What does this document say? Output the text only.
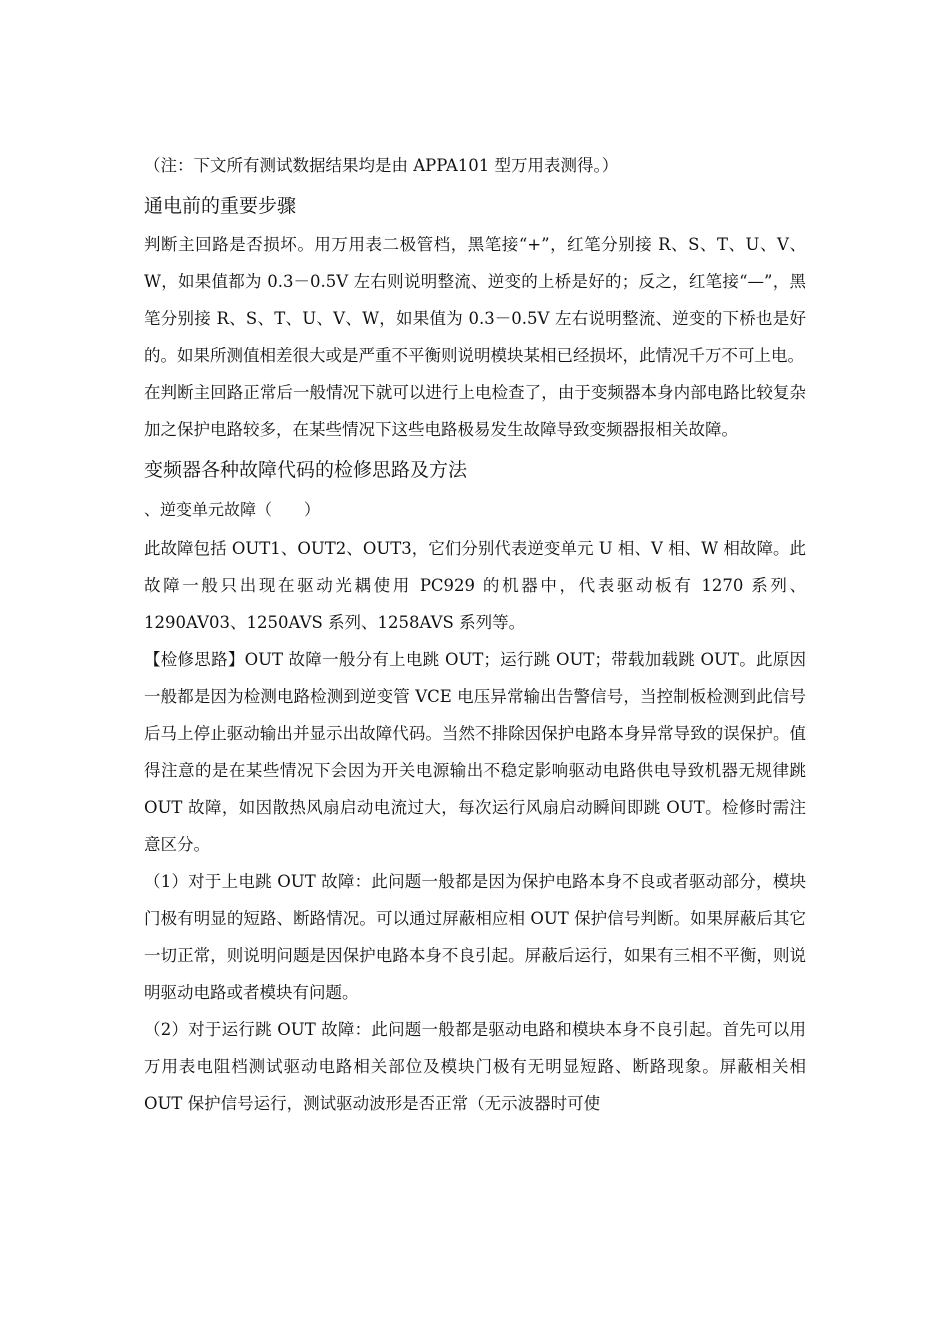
（注：下文所有测试数据结果均是由 APPA101 型万用表测得。）
通电前的重要步骤

判断主回路是否损坏。用万用表二极管档，黑笔接“+”，红笔分别接 R、S、T、U、V、W，如果值都为 0.3－0.5V 左右则说明整流、逆变的上桥是好的；反之，红笔接“—”，黑笔分别接 R、S、T、U、V、W，如果值为 0.3－0.5V 左右说明整流、逆变的下桥也是好的。如果所测值相差很大或是严重不平衡则说明模块某相已经损坏，此情况千万不可上电。

在判断主回路正常后一般情况下就可以进行上电检查了，由于变频器本身内部电路比较复杂加之保护电路较多，在某些情况下这些电路极易发生故障导致变频器报相关故障。

变频器各种故障代码的检修思路及方法
、逆变单元故障（　　）

此故障包括 OUT1、OUT2、OUT3，它们分别代表逆变单元 U 相、V 相、W 相故障。此故障一般只出现在驱动光耦使用 PC929 的机器中，代表驱动板有 1270 系列、1290AV03、1250AVS 系列、1258AVS 系列等。

【检修思路】OUT 故障一般分有上电跳 OUT；运行跳 OUT；带载加载跳 OUT。此原因一般都是因为检测电路检测到逆变管 VCE 电压异常输出告警信号，当控制板检测到此信号后马上停止驱动输出并显示出故障代码。当然不排除因保护电路本身异常导致的误保护。值得注意的是在某些情况下会因为开关电源输出不稳定影响驱动电路供电导致机器无规律跳 OUT 故障，如因散热风扇启动电流过大，每次运行风扇启动瞬间即跳 OUT。检修时需注意区分。

（1）对于上电跳 OUT 故障：此问题一般都是因为保护电路本身不良或者驱动部分，模块门极有明显的短路、断路情况。可以通过屏蔽相应相 OUT 保护信号判断。如果屏蔽后其它一切正常，则说明问题是因保护电路本身不良引起。屏蔽后运行，如果有三相不平衡，则说明驱动电路或者模块有问题。

（2）对于运行跳 OUT 故障：此问题一般都是驱动电路和模块本身不良引起。首先可以用万用表电阻档测试驱动电路相关部位及模块门极有无明显短路、断路现象。屏蔽相关相 OUT 保护信号运行，测试驱动波形是否正常（无示波器时可使
